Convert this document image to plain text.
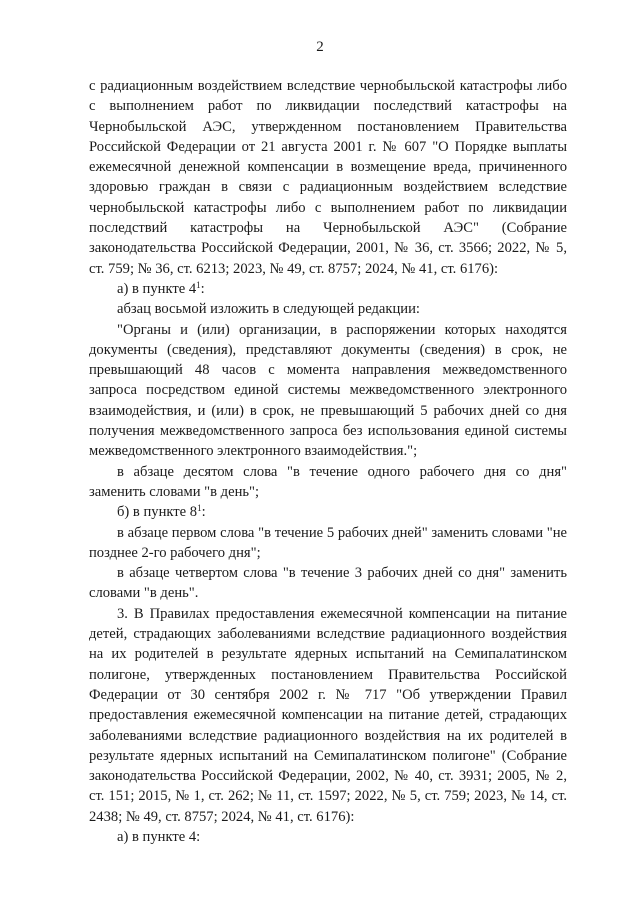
2

с радиационным воздействием вследствие чернобыльской катастрофы либо с выполнением работ по ликвидации последствий катастрофы на Чернобыльской АЭС, утвержденном постановлением Правительства Российской Федерации от 21 августа 2001 г. № 607 "О Порядке выплаты ежемесячной денежной компенсации в возмещение вреда, причиненного здоровью граждан в связи с радиационным воздействием вследствие чернобыльской катастрофы либо с выполнением работ по ликвидации последствий катастрофы на Чернобыльской АЭС" (Собрание законодательства Российской Федерации, 2001, № 36, ст. 3566; 2022, № 5, ст. 759; № 36, ст. 6213; 2023, № 49, ст. 8757; 2024, № 41, ст. 6176):

а) в пункте $4^1$:

абзац восьмой изложить в следующей редакции:

"Органы и (или) организации, в распоряжении которых находятся документы (сведения), представляют документы (сведения) в срок, не превышающий 48 часов с момента направления межведомственного запроса посредством единой системы межведомственного электронного взаимодействия, и (или) в срок, не превышающий 5 рабочих дней со дня получения межведомственного запроса без использования единой системы межведомственного электронного взаимодействия.";

в абзаце десятом слова "в течение одного рабочего дня со дня" заменить словами "в день";

б) в пункте $8^1$:

в абзаце первом слова "в течение 5 рабочих дней" заменить словами "не позднее 2-го рабочего дня";

в абзаце четвертом слова "в течение 3 рабочих дней со дня" заменить словами "в день".

3. В Правилах предоставления ежемесячной компенсации на питание детей, страдающих заболеваниями вследствие радиационного воздействия на их родителей в результате ядерных испытаний на Семипалатинском полигоне, утвержденных постановлением Правительства Российской Федерации от 30 сентября 2002 г. № 717 "Об утверждении Правил предоставления ежемесячной компенсации на питание детей, страдающих заболеваниями вследствие радиационного воздействия на их родителей в результате ядерных испытаний на Семипалатинском полигоне" (Собрание законодательства Российской Федерации, 2002, № 40, ст. 3931; 2005, № 2, ст. 151; 2015, № 1, ст. 262; № 11, ст. 1597; 2022, № 5, ст. 759; 2023, № 14, ст. 2438; № 49, ст. 8757; 2024, № 41, ст. 6176):

а) в пункте 4:
